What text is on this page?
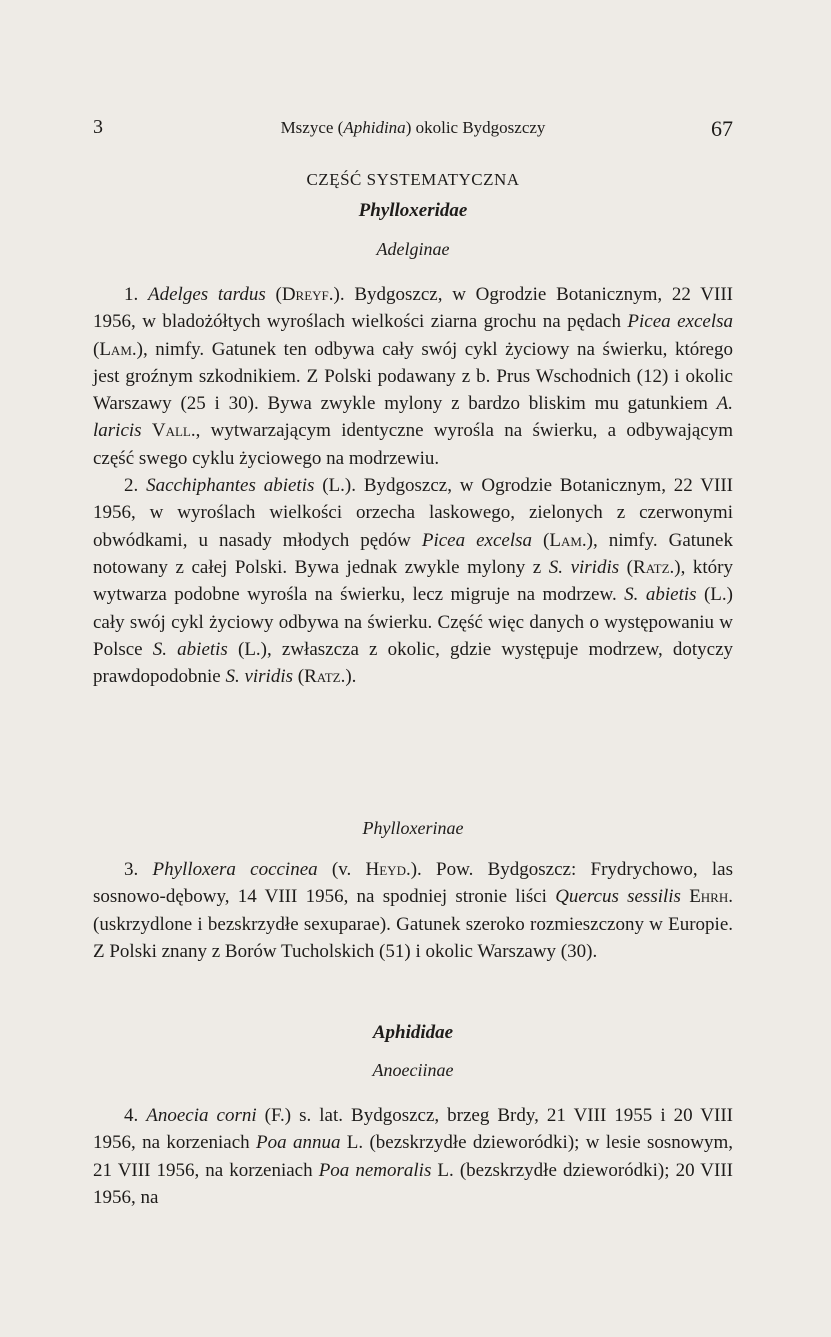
3	Mszyce (Aphidina) okolic Bydgoszczy	67
CZĘŚĆ SYSTEMATYCZNA
Phylloxeridae
Adelginae

1. Adelges tardus (Dreyf.). Bydgoszcz, w Ogrodzie Botanicznym, 22 VIII 1956, w bladożółtych wyroślach wielkości ziarna grochu na pędach Picea excelsa (Lam.), nimfy. Gatunek ten odbywa cały swój cykl życiowy na świerku, którego jest groźnym szkodnikiem. Z Polski podawany z b. Prus Wschodnich (12) i okolic Warszawy (25 i 30). Bywa zwykle mylony z bardzo bliskim mu gatunkiem A. laricis Vall., wytwarzającym identyczne wyrośla na świerku, a odbywającym część swego cyklu życiowego na modrzewiu.

2. Sacchiphantes abietis (L.). Bydgoszcz, w Ogrodzie Botanicznym, 22 VIII 1956, w wyroślach wielkości orzecha laskowego, zielonych z czerwonymi obwódkami, u nasady młodych pędów Picea excelsa (Lam.), nimfy. Gatunek notowany z całej Polski. Bywa jednak zwykle mylony z S. viridis (Ratz.), który wytwarza podobne wyrośla na świerku, lecz migruje na modrzew. S. abietis (L.) cały swój cykl życiowy odbywa na świerku. Część więc danych o występowaniu w Polsce S. abietis (L.), zwłaszcza z okolic, gdzie występuje modrzew, dotyczy prawdopodobnie S. viridis (Ratz.).

Phylloxerinae

3. Phylloxera coccinea (v. Heyd.). Pow. Bydgoszcz: Frydrychowo, las sosnowo-dębowy, 14 VIII 1956, na spodniej stronie liści Quercus sessilis Ehrh. (uskrzydlone i bezskrzydłe sexuparae). Gatunek szeroko rozmieszczony w Europie. Z Polski znany z Borów Tucholskich (51) i okolic Warszawy (30).

Aphididae
Anoeciinae

4. Anoecia corni (F.) s. lat. Bydgoszcz, brzeg Brdy, 21 VIII 1955 i 20 VIII 1956, na korzeniach Poa annua L. (bezskrzydłe dzieworódki); w lesie sosnowym, 21 VIII 1956, na korzeniach Poa nemoralis L. (bezskrzydłe dzieworódki); 20 VIII 1956, na
